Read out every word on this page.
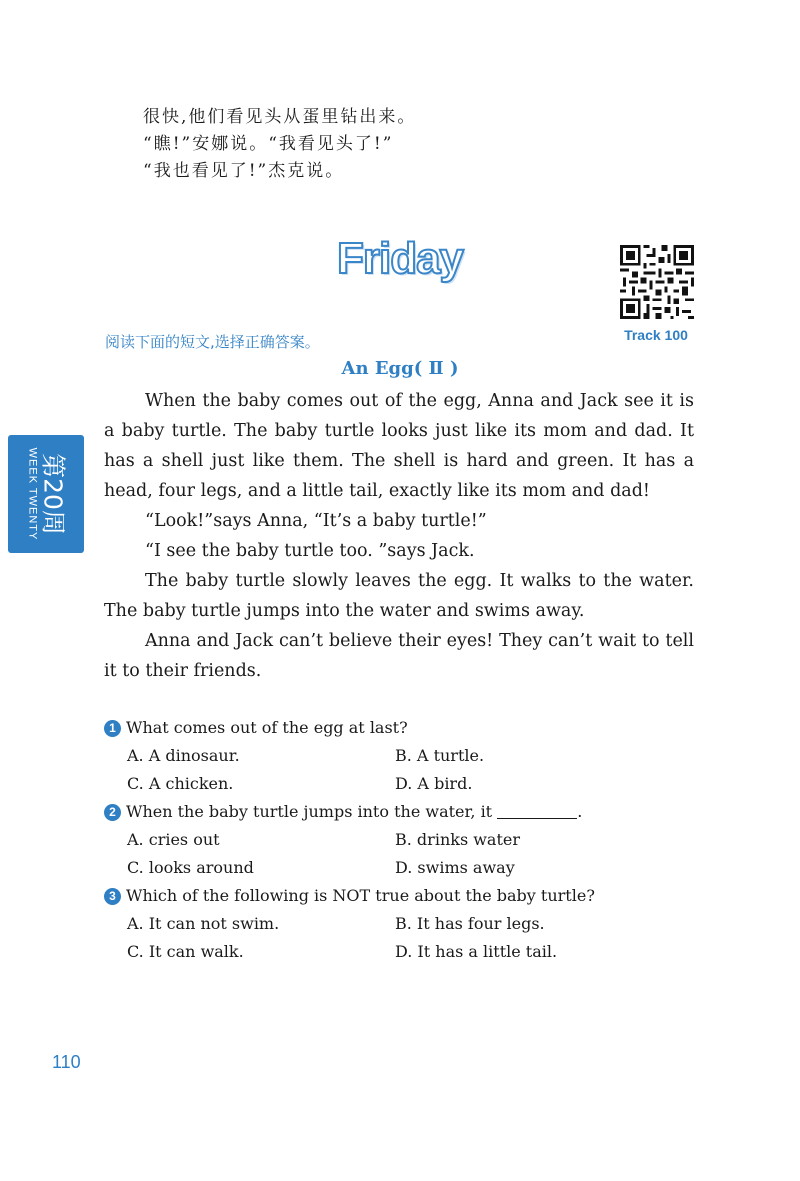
很快,他们看见头从蛋里钻出来。
“瞧!”安娜说。“我看见头了!”
“我也看见了!”杰克说。
Friday
Track 100
阅读下面的短文,选择正确答案。
An Egg( Ⅱ )

When the baby comes out of the egg, Anna and Jack see it is a baby turtle. The baby turtle looks just like its mom and dad. It has a shell just like them. The shell is hard and green. It has a head, four legs, and a little tail, exactly like its mom and dad!

“Look!”says Anna, “It’s a baby turtle!”

“I see the baby turtle too. ”says Jack.

The baby turtle slowly leaves the egg. It walks to the water. The baby turtle jumps into the water and swims away.

Anna and Jack can’t believe their eyes! They can’t wait to tell it to their friends.

第20周
WEEK TWENTY
1 What comes out of the egg at last?
A. A dinosaur.	B. A turtle.
C. A chicken.	D. A bird.
2 When the baby turtle jumps into the water, it	.
A. cries out	B. drinks water
C. looks around	D. swims away
3 Which of the following is NOT true about the baby turtle?
A. It can not swim.	B. It has four legs.
C. It can walk.	D. It has a little tail.
110
